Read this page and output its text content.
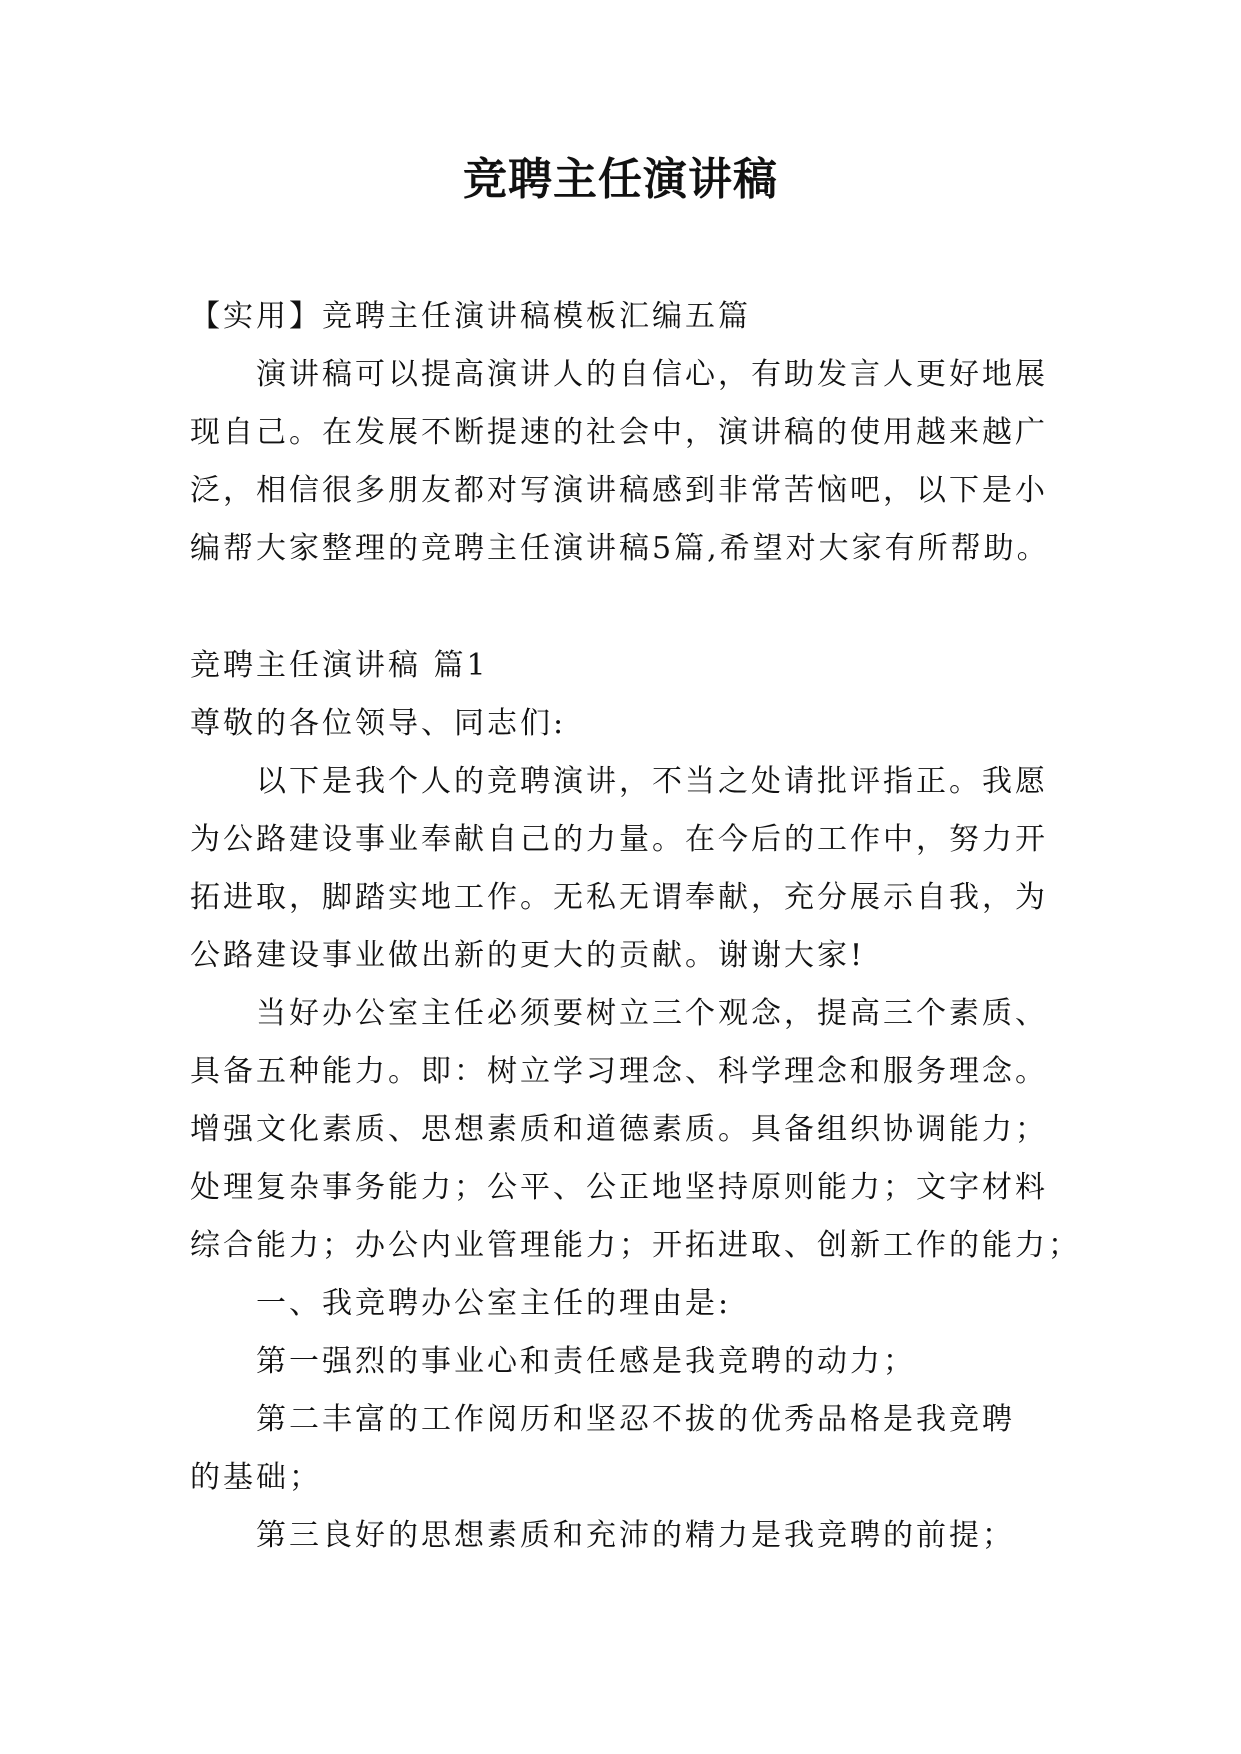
竞聘主任演讲稿
【实用】竞聘主任演讲稿模板汇编五篇
演讲稿可以提高演讲人的自信心，有助发言人更好地展
现自己。在发展不断提速的社会中，演讲稿的使用越来越广
泛，相信很多朋友都对写演讲稿感到非常苦恼吧，以下是小
编帮大家整理的竞聘主任演讲稿5篇,希望对大家有所帮助。
竞聘主任演讲稿 篇1
尊敬的各位领导、同志们:
以下是我个人的竞聘演讲，不当之处请批评指正。我愿
为公路建设事业奉献自己的力量。在今后的工作中，努力开
拓进取，脚踏实地工作。无私无谓奉献，充分展示自我，为
公路建设事业做出新的更大的贡献。谢谢大家!
当好办公室主任必须要树立三个观念，提高三个素质、
具备五种能力。即：树立学习理念、科学理念和服务理念。
增强文化素质、思想素质和道德素质。具备组织协调能力；
处理复杂事务能力；公平、公正地坚持原则能力；文字材料
综合能力；办公内业管理能力；开拓进取、创新工作的能力；
一、我竞聘办公室主任的理由是:
第一强烈的事业心和责任感是我竞聘的动力；
第二丰富的工作阅历和坚忍不拔的优秀品格是我竞聘
的基础；
第三良好的思想素质和充沛的精力是我竞聘的前提；
